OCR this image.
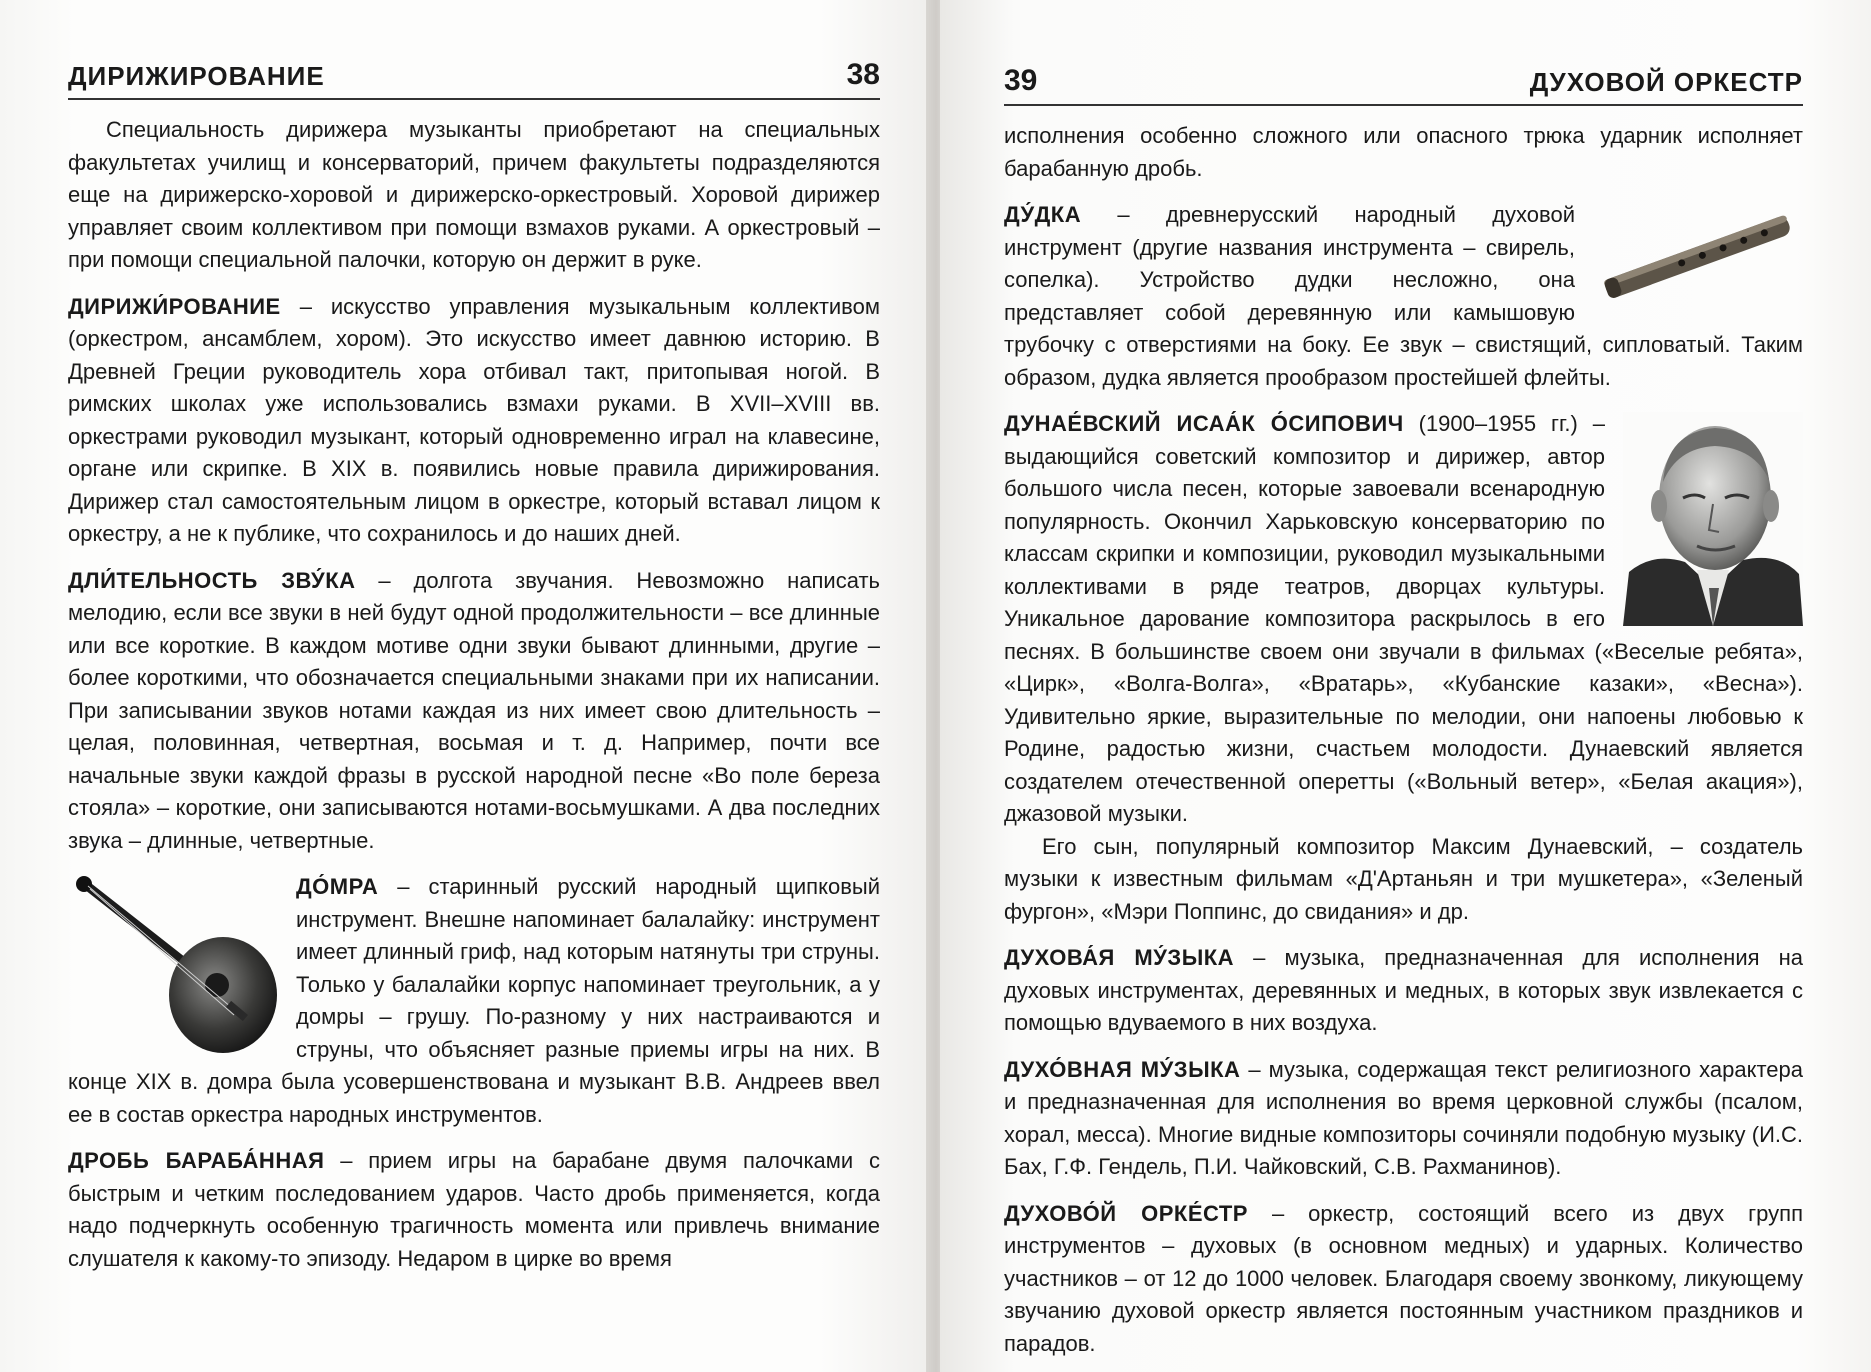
ДИРИЖИРОВАНИЕ	38

Специальность дирижера музыканты приобретают на специальных факультетах училищ и консерваторий, причем факультеты подразделяются еще на дирижерско-хоровой и дирижерско-оркестровый. Хоровой дирижер управляет своим коллективом при помощи взмахов руками. А оркестровый – при помощи специальной палочки, которую он держит в руке.

ДИРИЖИ́РОВАНИЕ – искусство управления музыкальным коллективом (оркестром, ансамблем, хором). Это искусство имеет давнюю историю. В Древней Греции руководитель хора отбивал такт, притопывая ногой. В римских школах уже использовались взмахи руками. В XVII–XVIII вв. оркестрами руководил музыкант, который одновременно играл на клавесине, органе или скрипке. В XIX в. появились новые правила дирижирования. Дирижер стал самостоятельным лицом в оркестре, который вставал лицом к оркестру, а не к публике, что сохранилось и до наших дней.

ДЛИ́ТЕЛЬНОСТЬ ЗВУ́КА – долгота звучания. Невозможно написать мелодию, если все звуки в ней будут одной продолжительности – все длинные или все короткие. В каждом мотиве одни звуки бывают длинными, другие – более короткими, что обозначается специальными знаками при их написании. При записывании звуков нотами каждая из них имеет свою длительность – целая, половинная, четвертная, восьмая и т. д. Например, почти все начальные звуки каждой фразы в русской народной песне «Во поле береза стояла» – короткие, они записываются нотами-восьмушками. А два последних звука – длинные, четвертные.

ДО́МРА – старинный русский народный щипковый инструмент. Внешне напоминает балалайку: инструмент имеет длинный гриф, над которым натянуты три струны. Только у балалайки корпус напоминает треугольник, а у домры – грушу. По-разному у них настраиваются и струны, что объясняет разные приемы игры на них. В конце XIX в. домра была усовершенствована и музыкант В.В. Андреев ввел ее в состав оркестра народных инструментов.

ДРОБЬ БАРАБА́ННАЯ – прием игры на барабане двумя палочками с быстрым и четким последованием ударов. Часто дробь применяется, когда надо подчеркнуть особенную трагичность момента или привлечь внимание слушателя к какому-то эпизоду. Недаром в цирке во время

39	ДУХОВОЙ ОРКЕСТР

исполнения особенно сложного или опасного трюка ударник исполняет барабанную дробь.

ДУ́ДКА – древнерусский народный духовой инструмент (другие названия инструмента – свирель, сопелка). Устройство дудки несложно, она представляет собой деревянную или камышовую трубочку с отверстиями на боку. Ее звук – свистящий, сипловатый. Таким образом, дудка является прообразом простейшей флейты.

ДУНАЕ́ВСКИЙ ИСАА́К О́СИПОВИЧ (1900–1955 гг.) – выдающийся советский композитор и дирижер, автор большого числа песен, которые завоевали всенародную популярность. Окончил Харьковскую консерваторию по классам скрипки и композиции, руководил музыкальными коллективами в ряде театров, дворцах культуры. Уникальное дарование композитора раскрылось в его песнях. В большинстве своем они звучали в фильмах («Веселые ребята», «Цирк», «Волга-Волга», «Вратарь», «Кубанские казаки», «Весна»). Удивительно яркие, выразительные по мелодии, они напоены любовью к Родине, радостью жизни, счастьем молодости. Дунаевский является создателем отечественной оперетты («Вольный ветер», «Белая акация»), джазовой музыки.

Его сын, популярный композитор Максим Дунаевский, – создатель музыки к известным фильмам «Д'Артаньян и три мушкетера», «Зеленый фургон», «Мэри Поппинс, до свидания» и др.

ДУХОВА́Я МУ́ЗЫКА – музыка, предназначенная для исполнения на духовых инструментах, деревянных и медных, в которых звук извлекается с помощью вдуваемого в них воздуха.

ДУХО́ВНАЯ МУ́ЗЫКА – музыка, содержащая текст религиозного характера и предназначенная для исполнения во время церковной службы (псалом, хорал, месса). Многие видные композиторы сочиняли подобную музыку (И.С. Бах, Г.Ф. Гендель, П.И. Чайковский, С.В. Рахманинов).

ДУХОВО́Й ОРКЕ́СТР – оркестр, состоящий всего из двух групп инструментов – духовых (в основном медных) и ударных. Количество участников – от 12 до 1000 человек. Благодаря своему звонкому, ликующему звучанию духовой оркестр является постоянным участником праздников и парадов.
